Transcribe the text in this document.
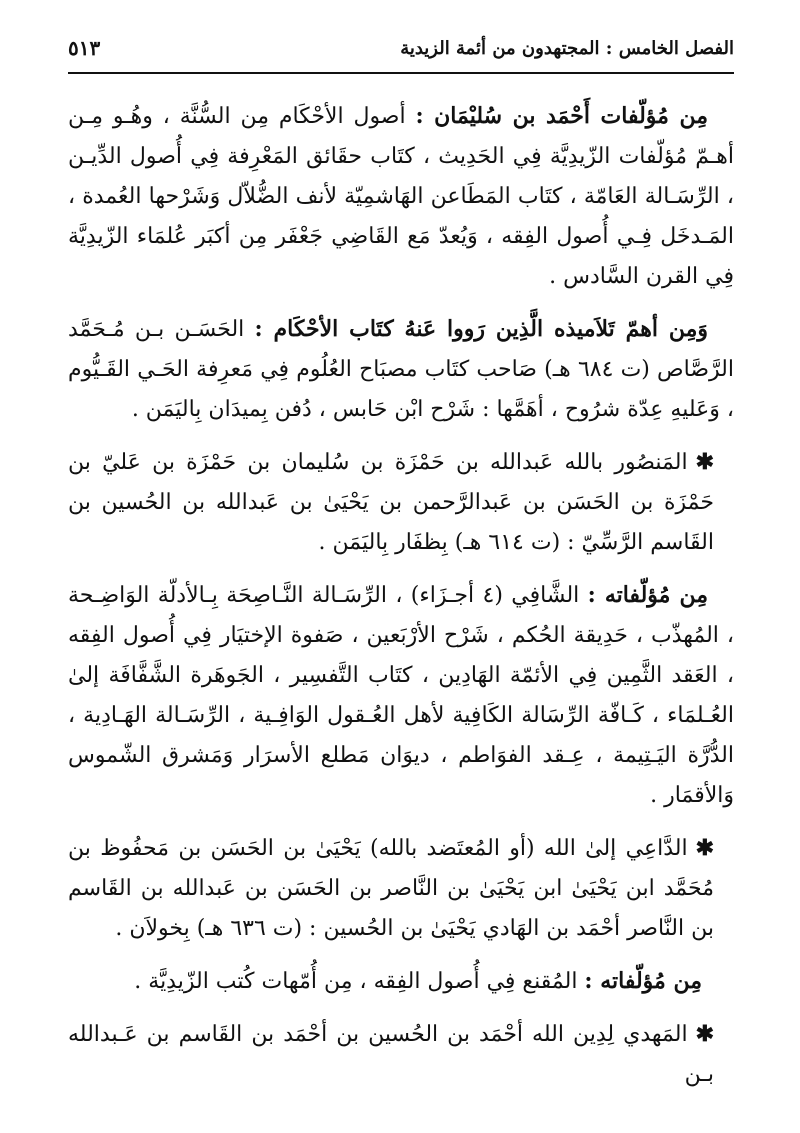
الفصل الخامس : المجتهدون من أئمة الزيدية
٥١٣

مِن مُؤلّفات أَحْمَد بن سُليْمَان : أصول الأحْكَام مِن السُّنَّة ، وهُـو مِـن أهـمّ مُؤلّفات الزّيدِيَّة فِي الحَدِيث ، كتَاب حقَائق المَعْرِفة فِي أُصول الدِّيـن ، الرِّسَـالة العَامّة ، كتَاب المَطَاعن الهَاشمِيّة لأنف الضُّلاّل وَشَرْحها العُمدة ، المَـدخَل فِـي أُصول الفِقه ، وَيُعدّ مَع القَاضِي جَعْفَر مِن أكبَر عُلمَاء الزّيدِيَّة فِي القرن السَّادس .

وَمِن أهمّ تَلاَميذه الَّذِين رَووا عَنهُ كتَاب الأحْكَام : الحَسَـن بـن مُـحَمَّد الرَّصَّاص (ت ٦٨٤ هـ) صَاحب كتَاب مصبَاح العُلُوم فِي مَعرِفة الحَـي القَـيُّوم ، وَعَليهِ عِدّة شرُوح ، أهَمَّها : شَرْح ابْن حَابس ، دُفن بِميدَان بِاليَمَن .

✱المَنصُور بالله عَبدالله بن حَمْزَة بن سُليمان بن حَمْزَة بن عَليّ بن حَمْزَة بن الحَسَن بن عَبدالرَّحمن بن يَحْيَىٰ بن عَبدالله بن الحُسين بن القَاسم الرَّسِّيّ : (ت ٦١٤ هـ) بِظفَار بِاليَمَن .

مِن مُؤلّفاته : الشَّافِي (٤ أجـزَاء) ، الرِّسَـالة النَّـاصِحَة بِـالأدلّة الوَاضِـحة ، المُهذّب ، حَدِيقة الحُكم ، شَرْح الأرْبَعين ، صَفوة الإختيَار فِي أُصول الفِقه ، العَقد الثَّمِين فِي الأئمّة الهَادِين ، كتَاب التَّفسِير ، الجَوهَرة الشَّفَّافَة إلىٰ العُـلمَاء ، كَـافّة الرِّسَالة الكَافِية لأهل العُـقول الوَافِـية ، الرِّسَـالة الهَـادِية ، الدُّرَّة اليَـتِيمة ، عِـقد الفوَاطم ، ديوَان مَطلع الأسرَار وَمَشرق الشّموس وَالأقمَار .

✱الدَّاعِي إلىٰ الله (أو المُعتَضد بالله) يَحْيَىٰ بن الحَسَن بن مَحفُوظ بن مُحَمَّد ابن يَحْيَىٰ ابن يَحْيَىٰ بن النَّاصر بن الحَسَن بن عَبدالله بن القَاسم بن النَّاصر أحْمَد بن الهَادي يَحْيَىٰ بن الحُسين : (ت ٦٣٦ هـ) بِخولاَن .

مِن مُؤلّفاته : المُقنع فِي أُصول الفِقه ، مِن أُمّهات كُتب الزّيدِيَّة .

✱المَهدي لِدِين الله أحْمَد بن الحُسين بن أحْمَد بن القَاسم بن عَـبدالله بـن
